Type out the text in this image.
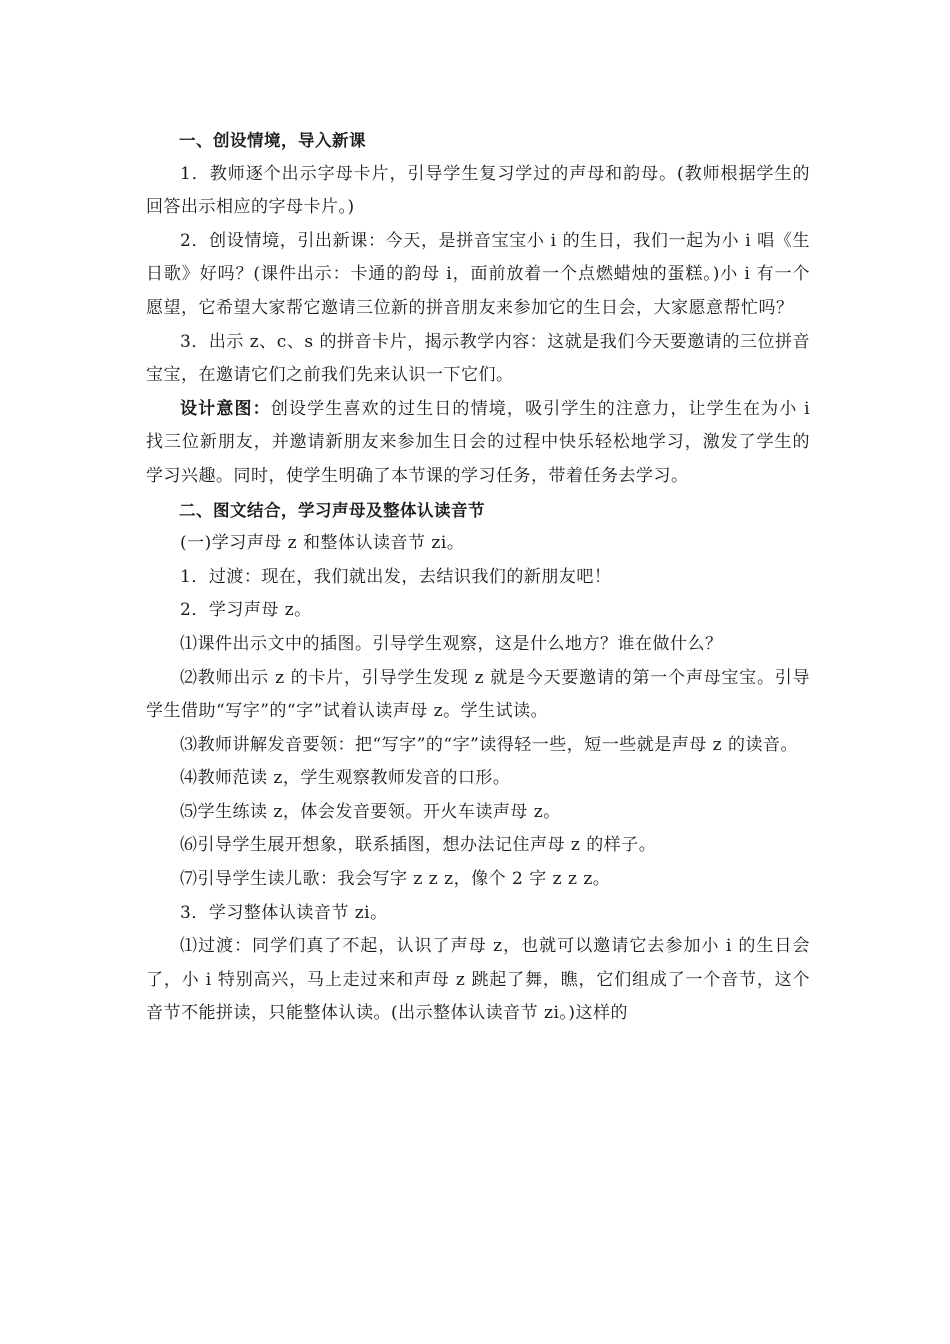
一、创设情境，导入新课

1．教师逐个出示字母卡片，引导学生复习学过的声母和韵母。(教师根据学生的回答出示相应的字母卡片。)

2．创设情境，引出新课：今天，是拼音宝宝小 i 的生日，我们一起为小 i 唱《生日歌》好吗？(课件出示：卡通的韵母 i，面前放着一个点燃蜡烛的蛋糕。)小 i 有一个愿望，它希望大家帮它邀请三位新的拼音朋友来参加它的生日会，大家愿意帮忙吗？

3．出示 z、c、s 的拼音卡片，揭示教学内容：这就是我们今天要邀请的三位拼音宝宝，在邀请它们之前我们先来认识一下它们。

设计意图：创设学生喜欢的过生日的情境，吸引学生的注意力，让学生在为小 i 找三位新朋友，并邀请新朋友来参加生日会的过程中快乐轻松地学习，激发了学生的学习兴趣。同时，使学生明确了本节课的学习任务，带着任务去学习。

二、图文结合，学习声母及整体认读音节

(一)学习声母 z 和整体认读音节 zi。

1．过渡：现在，我们就出发，去结识我们的新朋友吧！

2．学习声母 z。

⑴课件出示文中的插图。引导学生观察，这是什么地方？谁在做什么？

⑵教师出示 z 的卡片，引导学生发现 z 就是今天要邀请的第一个声母宝宝。引导学生借助“写字”的“字”试着认读声母 z。学生试读。

⑶教师讲解发音要领：把“写字”的“字”读得轻一些，短一些就是声母 z 的读音。

⑷教师范读 z，学生观察教师发音的口形。

⑸学生练读 z，体会发音要领。开火车读声母 z。

⑹引导学生展开想象，联系插图，想办法记住声母 z 的样子。

⑺引导学生读儿歌：我会写字 z z z，像个 2 字 z z z。

3．学习整体认读音节 zi。

⑴过渡：同学们真了不起，认识了声母 z，也就可以邀请它去参加小 i 的生日会了，小 i 特别高兴，马上走过来和声母 z 跳起了舞，瞧，它们组成了一个音节，这个音节不能拼读，只能整体认读。(出示整体认读音节 zi。)这样的
